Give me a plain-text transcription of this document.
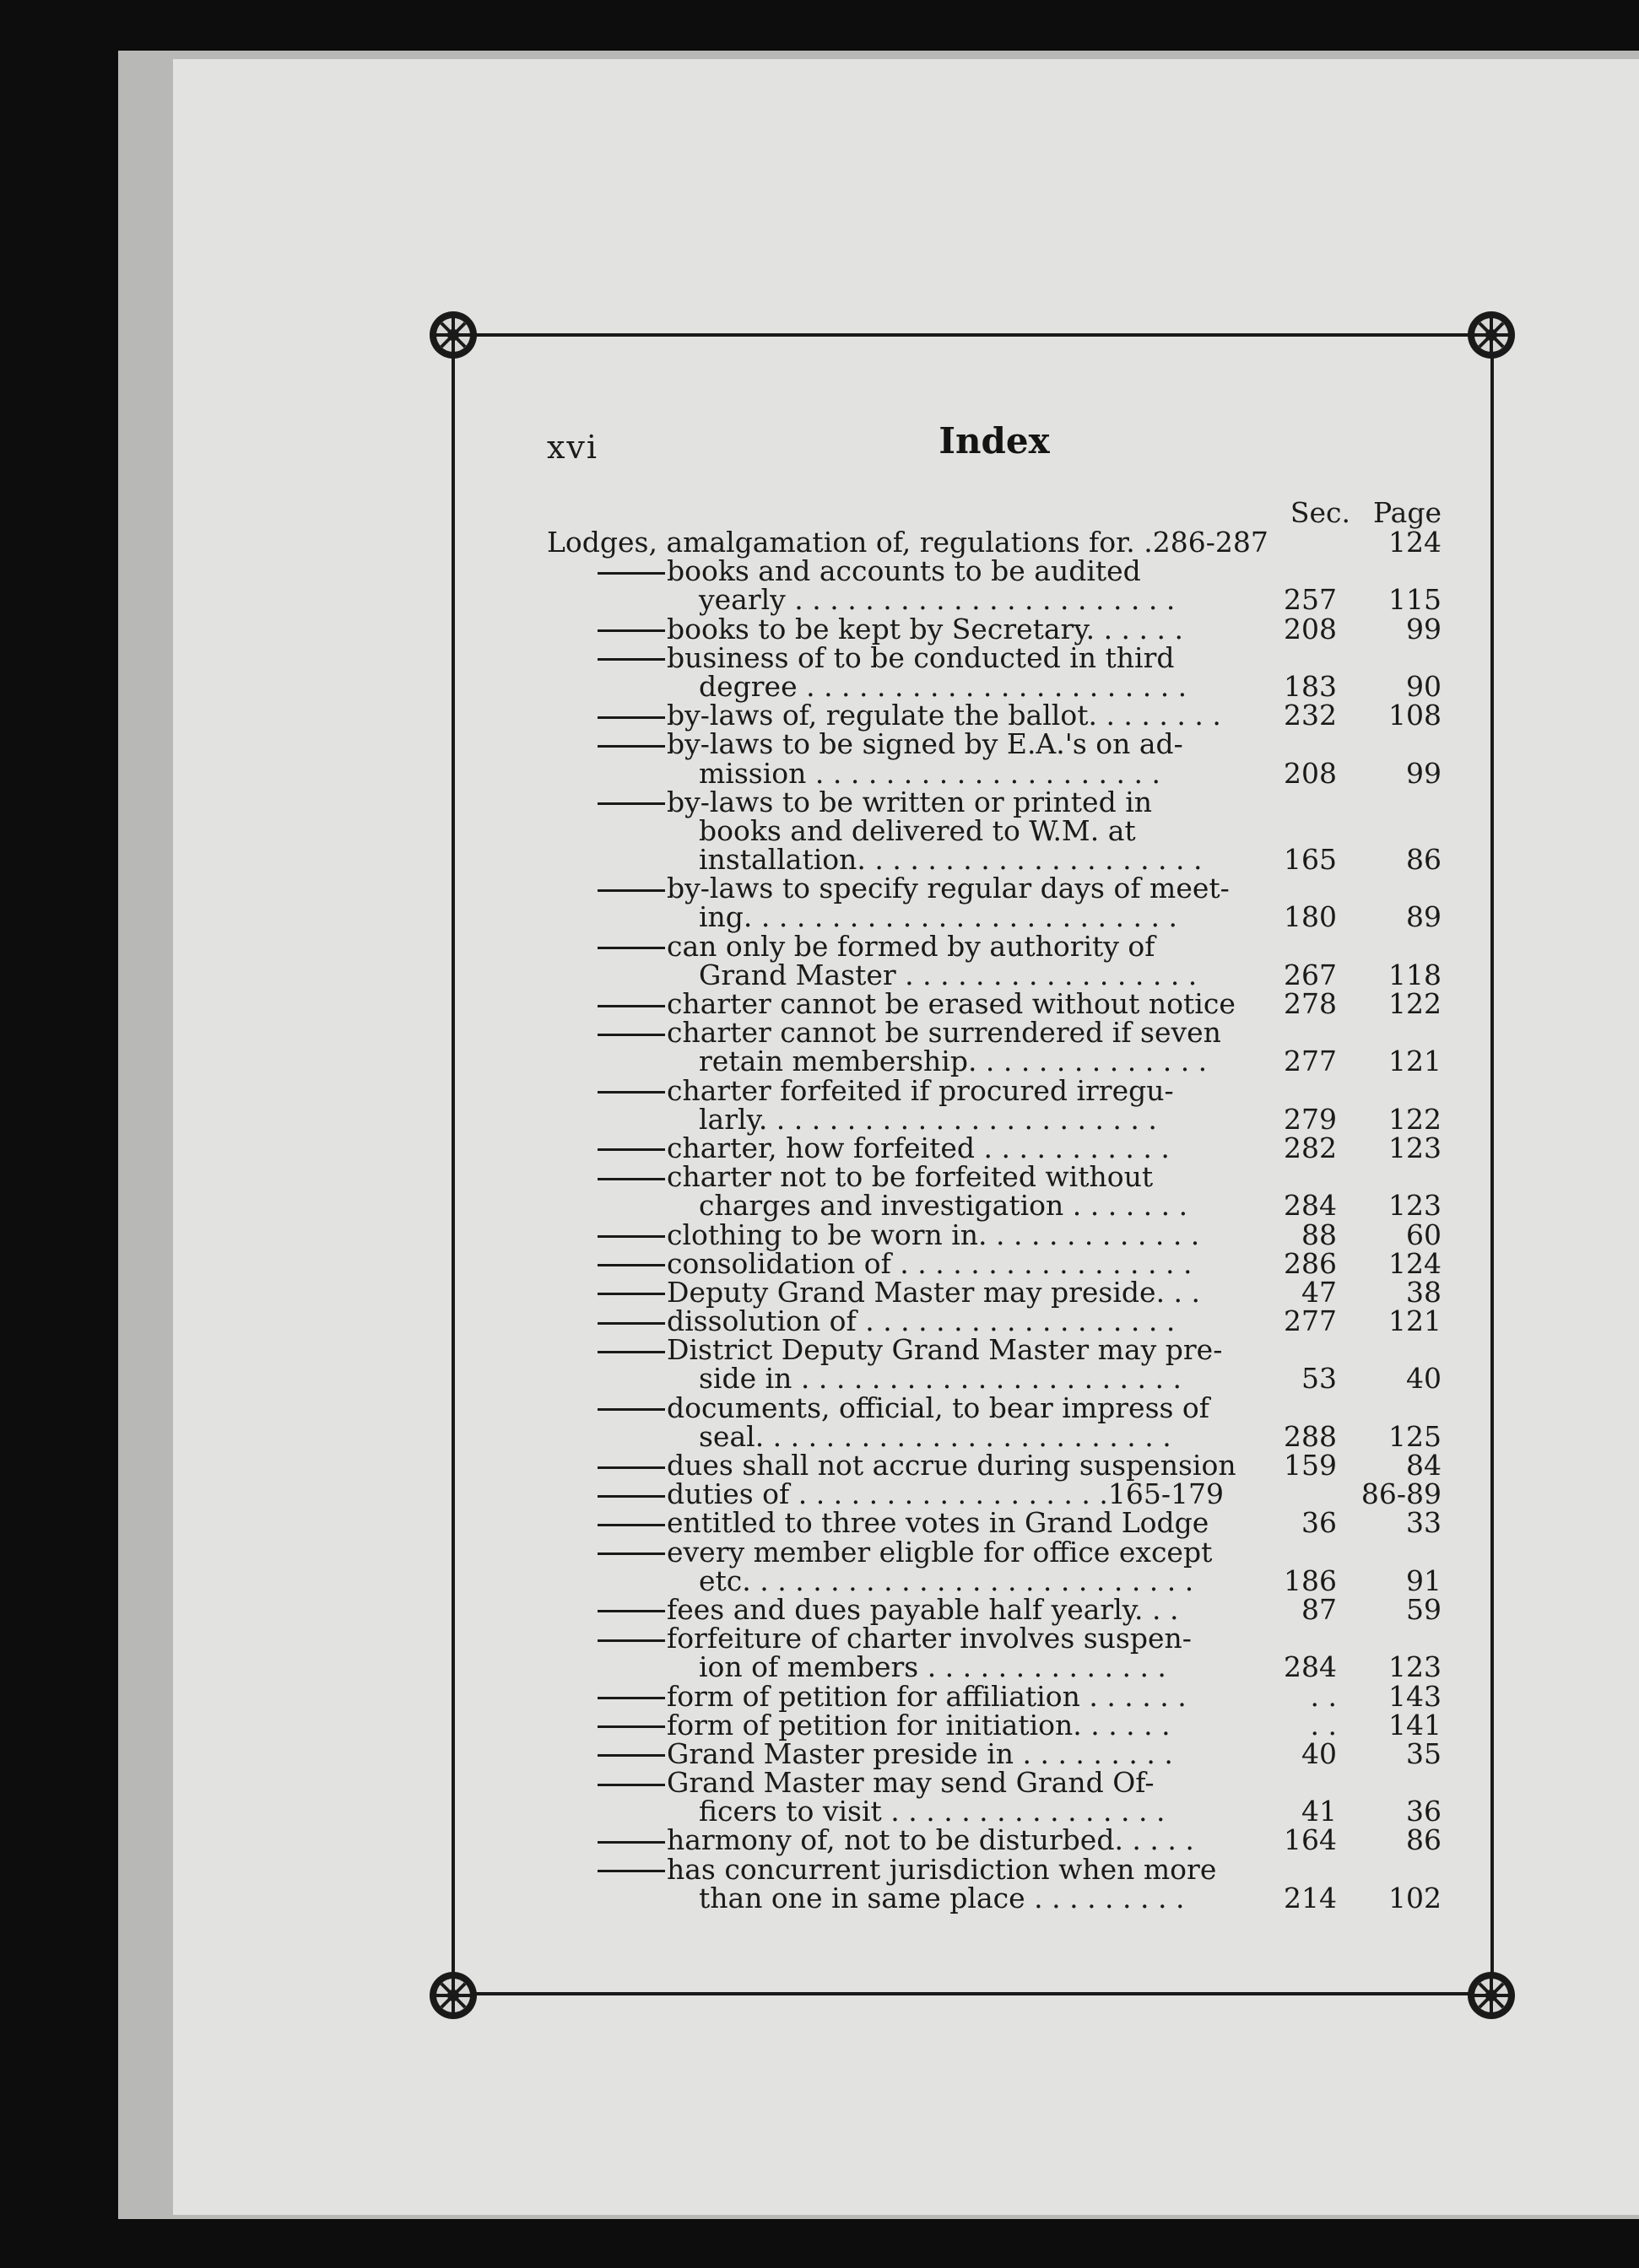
xvi	Index
Sec. Page
Lodges, amalgamation of, regulations for. .286-287	124
books and accounts to be audited
yearly . . . . . . . . . . . . . . . . . . . . . .	257 115
books to be kept by Secretary. . . . . .	208 99
business of to be conducted in third
degree . . . . . . . . . . . . . . . . . . . . . .	183 90
by-laws of, regulate the ballot. . . . . . . . 232 108
by-laws to be signed by E.A.'s on ad-
mission . . . . . . . . . . . . . . . . . . . .	208 99
by-laws to be written or printed in
books and delivered to W.M. at
installation. . . . . . . . . . . . . . . . . . . .	165 86
by-laws to specify regular days of meet-
ing. . . . . . . . . . . . . . . . . . . . . . . . .	180 89
can only be formed by authority of
Grand Master . . . . . . . . . . . . . . . . .	267 118
charter cannot be erased without notice 278 122
charter cannot be surrendered if seven
retain membership. . . . . . . . . . . . . .	277 121
charter forfeited if procured irregu-
larly. . . . . . . . . . . . . . . . . . . . . . .	279 122
charter, how forfeited . . . . . . . . . . .	282 123
charter not to be forfeited without
charges and investigation . . . . . . .	284 123
clothing to be worn in. . . . . . . . . . . . .	88 60
consolidation of . . . . . . . . . . . . . . . . .	286 124
Deputy Grand Master may preside. . .	47 38
dissolution of . . . . . . . . . . . . . . . . . .	277 121
District Deputy Grand Master may pre-
side in . . . . . . . . . . . . . . . . . . . . . .	53 40
documents, official, to bear impress of
seal. . . . . . . . . . . . . . . . . . . . . . . .	288 125
dues shall not accrue during suspension 159 84
duties of . . . . . . . . . . . . . . . . . .165-179	86-89
entitled to three votes in Grand Lodge	36 33
every member eligble for office except
etc. . . . . . . . . . . . . . . . . . . . . . . . . .	186 91
fees and dues payable half yearly. . .	87 59
forfeiture of charter involves suspen-
ion of members . . . . . . . . . . . . . .	284 123
form of petition for affiliation . . . . . .	. . 143
form of petition for initiation. . . . . .	. . 141
Grand Master preside in . . . . . . . . .	40 35
Grand Master may send Grand Of-
ficers to visit . . . . . . . . . . . . . . . .	41 36
harmony of, not to be disturbed. . . . .	164 86
has concurrent jurisdiction when more
than one in same place . . . . . . . . .	214 102
